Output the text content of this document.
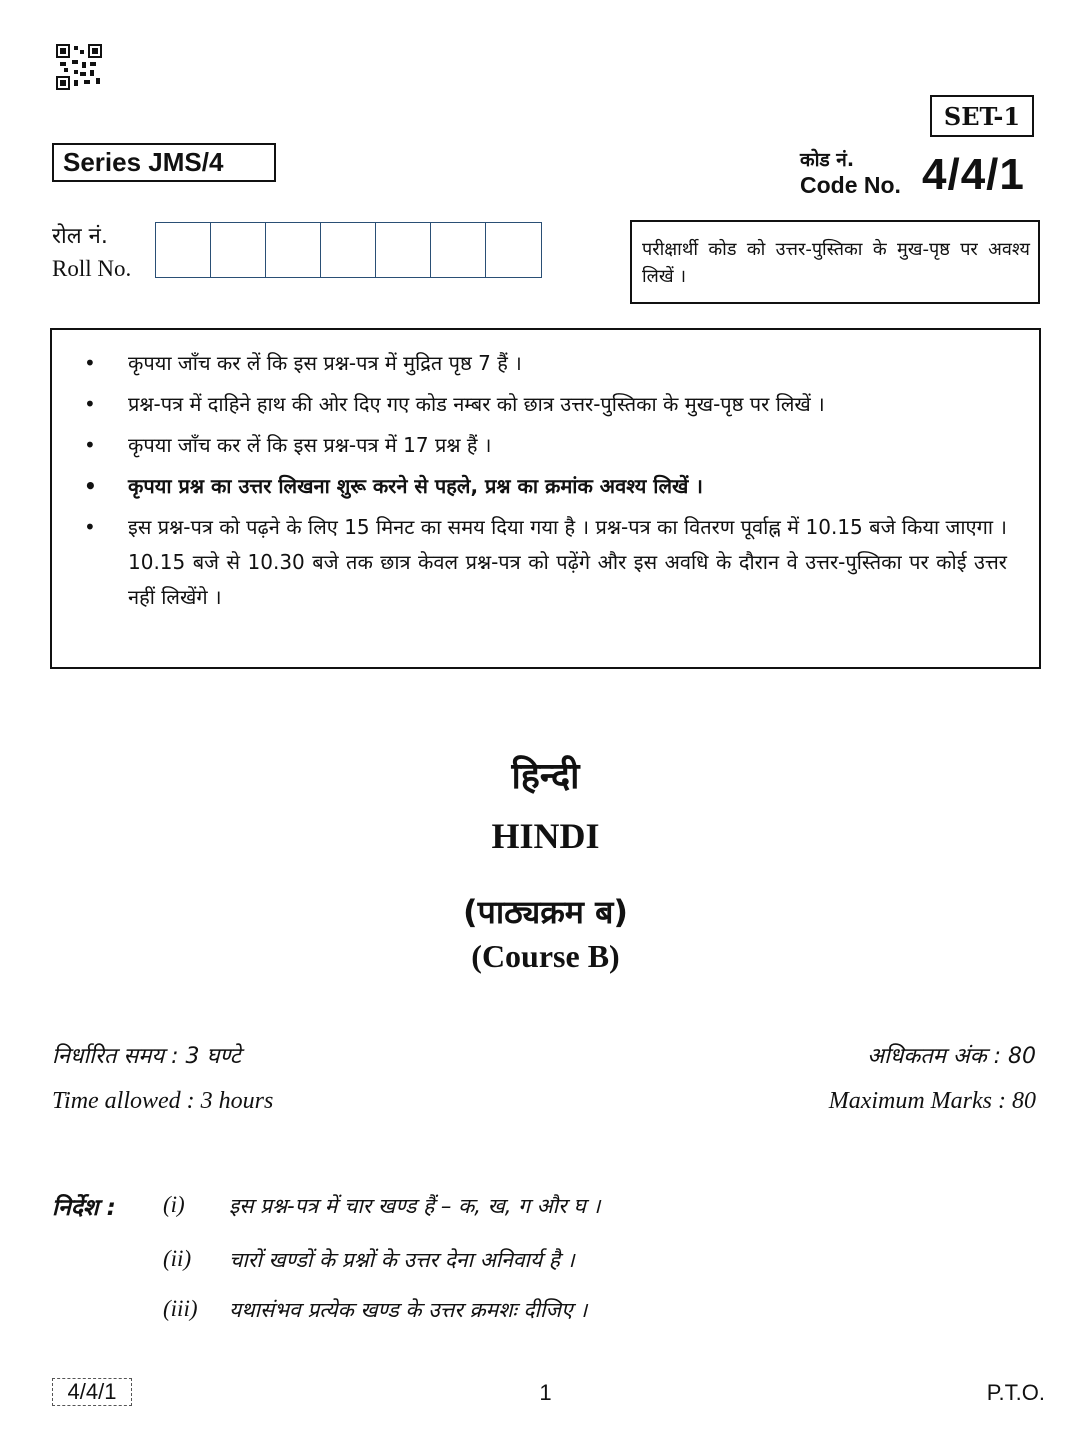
SET-1
Series JMS/4	कोड नं.
Code No. 4/4/1
रोल नं.
Roll No.
परीक्षार्थी कोड को उत्तर-पुस्तिका के मुख-पृष्ठ पर अवश्य लिखें ।
• कृपया जाँच कर लें कि इस प्रश्न-पत्र में मुद्रित पृष्ठ 7 हैं ।
• प्रश्न-पत्र में दाहिने हाथ की ओर दिए गए कोड नम्बर को छात्र उत्तर-पुस्तिका के मुख-पृष्ठ पर लिखें ।
• कृपया जाँच कर लें कि इस प्रश्न-पत्र में 17 प्रश्न हैं ।
• कृपया प्रश्न का उत्तर लिखना शुरू करने से पहले, प्रश्न का क्रमांक अवश्य लिखें ।
• इस प्रश्न-पत्र को पढ़ने के लिए 15 मिनट का समय दिया गया है । प्रश्न-पत्र का वितरण पूर्वाह्न में 10.15 बजे किया जाएगा । 10.15 बजे से 10.30 बजे तक छात्र केवल प्रश्न-पत्र को पढ़ेंगे और इस अवधि के दौरान वे उत्तर-पुस्तिका पर कोई उत्तर नहीं लिखेंगे ।
हिन्दी
HINDI
(पाठ्यक्रम ब)
(Course B)
निर्धारित समय : 3 घण्टे
Time allowed : 3 hours
अधिकतम अंक : 80
Maximum Marks : 80
निर्देश : (i)	इस प्रश्न-पत्र में चार खण्ड हैं – क, ख, ग और घ ।
(ii)	चारों खण्डों के प्रश्नों के उत्तर देना अनिवार्य है ।
(iii)	यथासंभव प्रत्येक खण्ड के उत्तर क्रमशः दीजिए ।
4/4/1	1	P.T.O.
